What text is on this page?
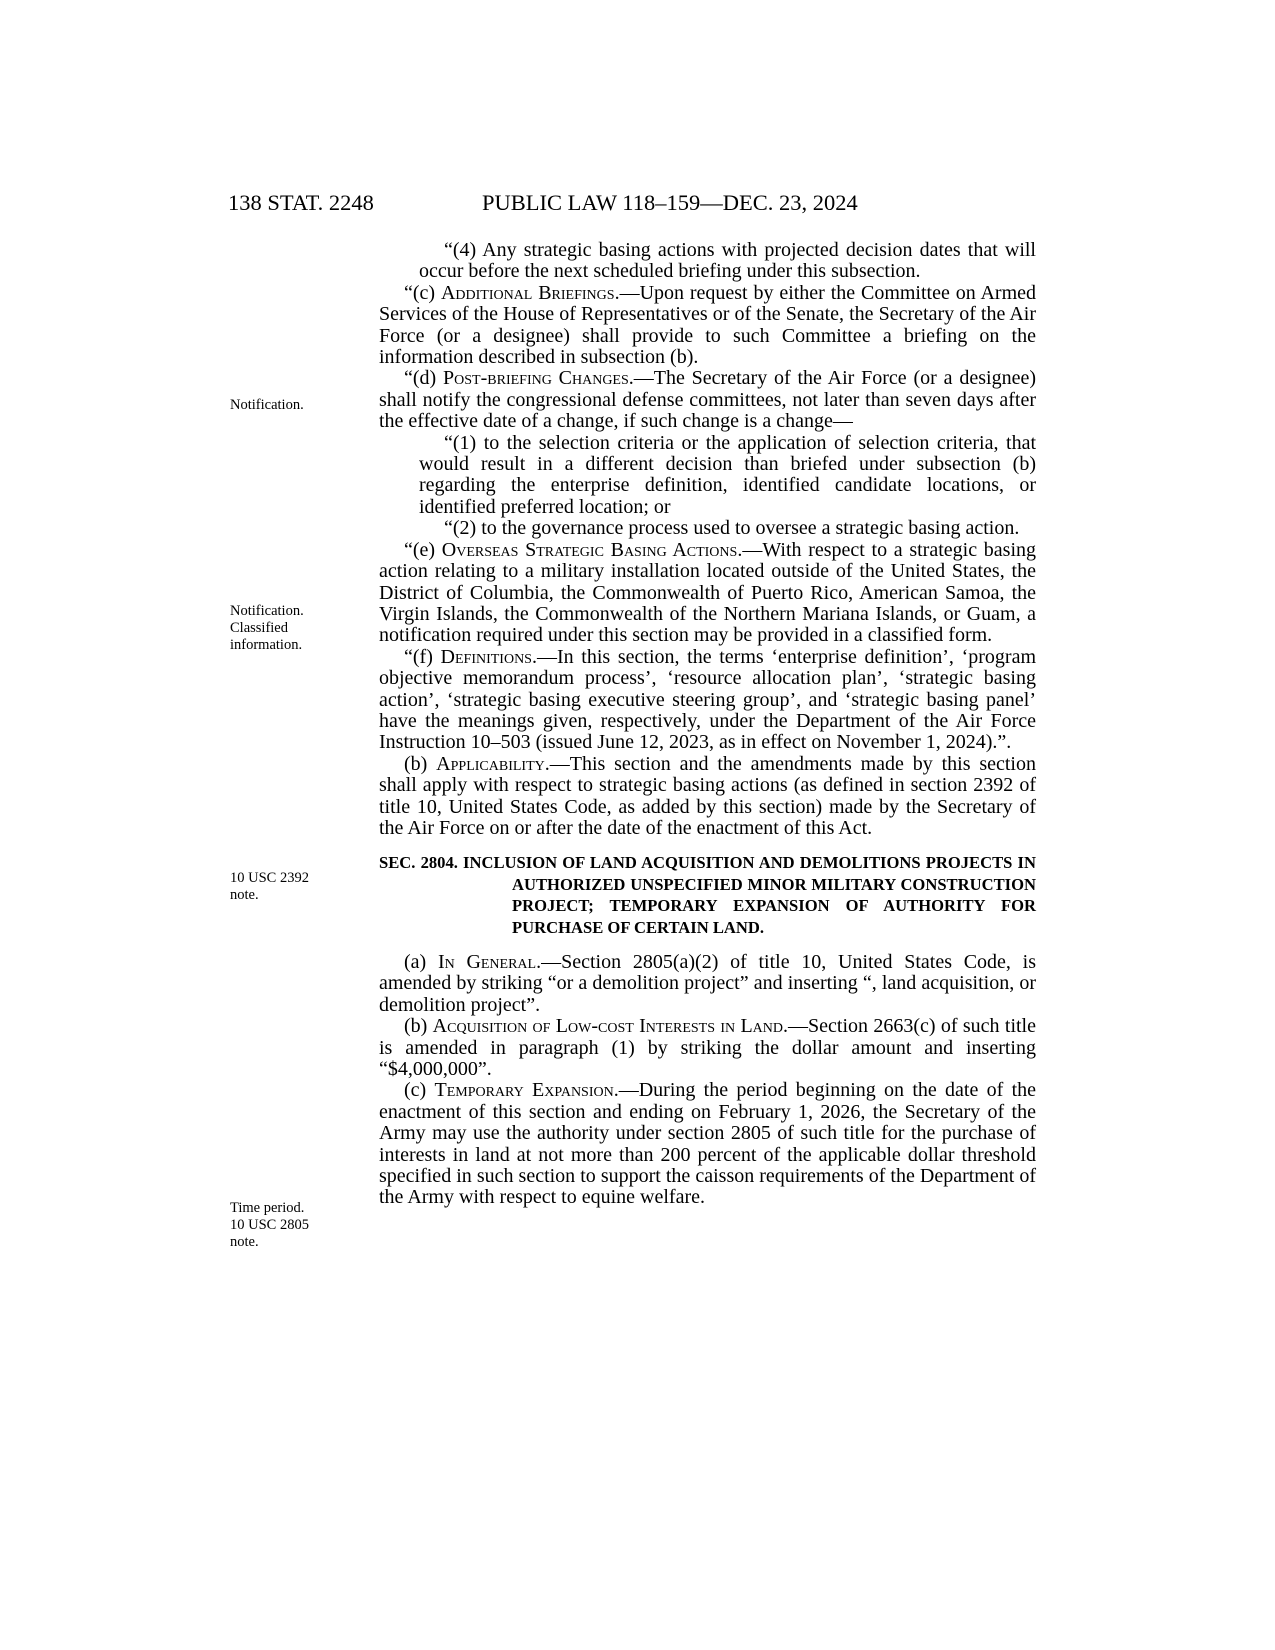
138 STAT. 2248	PUBLIC LAW 118–159—DEC. 23, 2024
Notification.
Notification.
Classified
information.
10 USC 2392
note.
Time period.
10 USC 2805
note.

“(4) Any strategic basing actions with projected decision dates that will occur before the next scheduled briefing under this subsection.

“(c) Additional Briefings.—Upon request by either the Committee on Armed Services of the House of Representatives or of the Senate, the Secretary of the Air Force (or a designee) shall provide to such Committee a briefing on the information described in subsection (b).

“(d) Post-briefing Changes.—The Secretary of the Air Force (or a designee) shall notify the congressional defense committees, not later than seven days after the effective date of a change, if such change is a change—

“(1) to the selection criteria or the application of selection criteria, that would result in a different decision than briefed under subsection (b) regarding the enterprise definition, identified candidate locations, or identified preferred location; or

“(2) to the governance process used to oversee a strategic basing action.

“(e) Overseas Strategic Basing Actions.—With respect to a strategic basing action relating to a military installation located outside of the United States, the District of Columbia, the Commonwealth of Puerto Rico, American Samoa, the Virgin Islands, the Commonwealth of the Northern Mariana Islands, or Guam, a notification required under this section may be provided in a classified form.

“(f) Definitions.—In this section, the terms ‘enterprise definition’, ‘program objective memorandum process’, ‘resource allocation plan’, ‘strategic basing action’, ‘strategic basing executive steering group’, and ‘strategic basing panel’ have the meanings given, respectively, under the Department of the Air Force Instruction 10–503 (issued June 12, 2023, as in effect on November 1, 2024).”.

(b) Applicability.—This section and the amendments made by this section shall apply with respect to strategic basing actions (as defined in section 2392 of title 10, United States Code, as added by this section) made by the Secretary of the Air Force on or after the date of the enactment of this Act.

SEC. 2804. INCLUSION OF LAND ACQUISITION AND DEMOLITIONS PROJECTS IN AUTHORIZED UNSPECIFIED MINOR MILITARY CONSTRUCTION PROJECT; TEMPORARY EXPANSION OF AUTHORITY FOR PURCHASE OF CERTAIN LAND.

(a) In General.—Section 2805(a)(2) of title 10, United States Code, is amended by striking “or a demolition project” and inserting “, land acquisition, or demolition project”.

(b) Acquisition of Low-cost Interests in Land.—Section 2663(c) of such title is amended in paragraph (1) by striking the dollar amount and inserting “$4,000,000”.

(c) Temporary Expansion.—During the period beginning on the date of the enactment of this section and ending on February 1, 2026, the Secretary of the Army may use the authority under section 2805 of such title for the purchase of interests in land at not more than 200 percent of the applicable dollar threshold specified in such section to support the caisson requirements of the Department of the Army with respect to equine welfare.
